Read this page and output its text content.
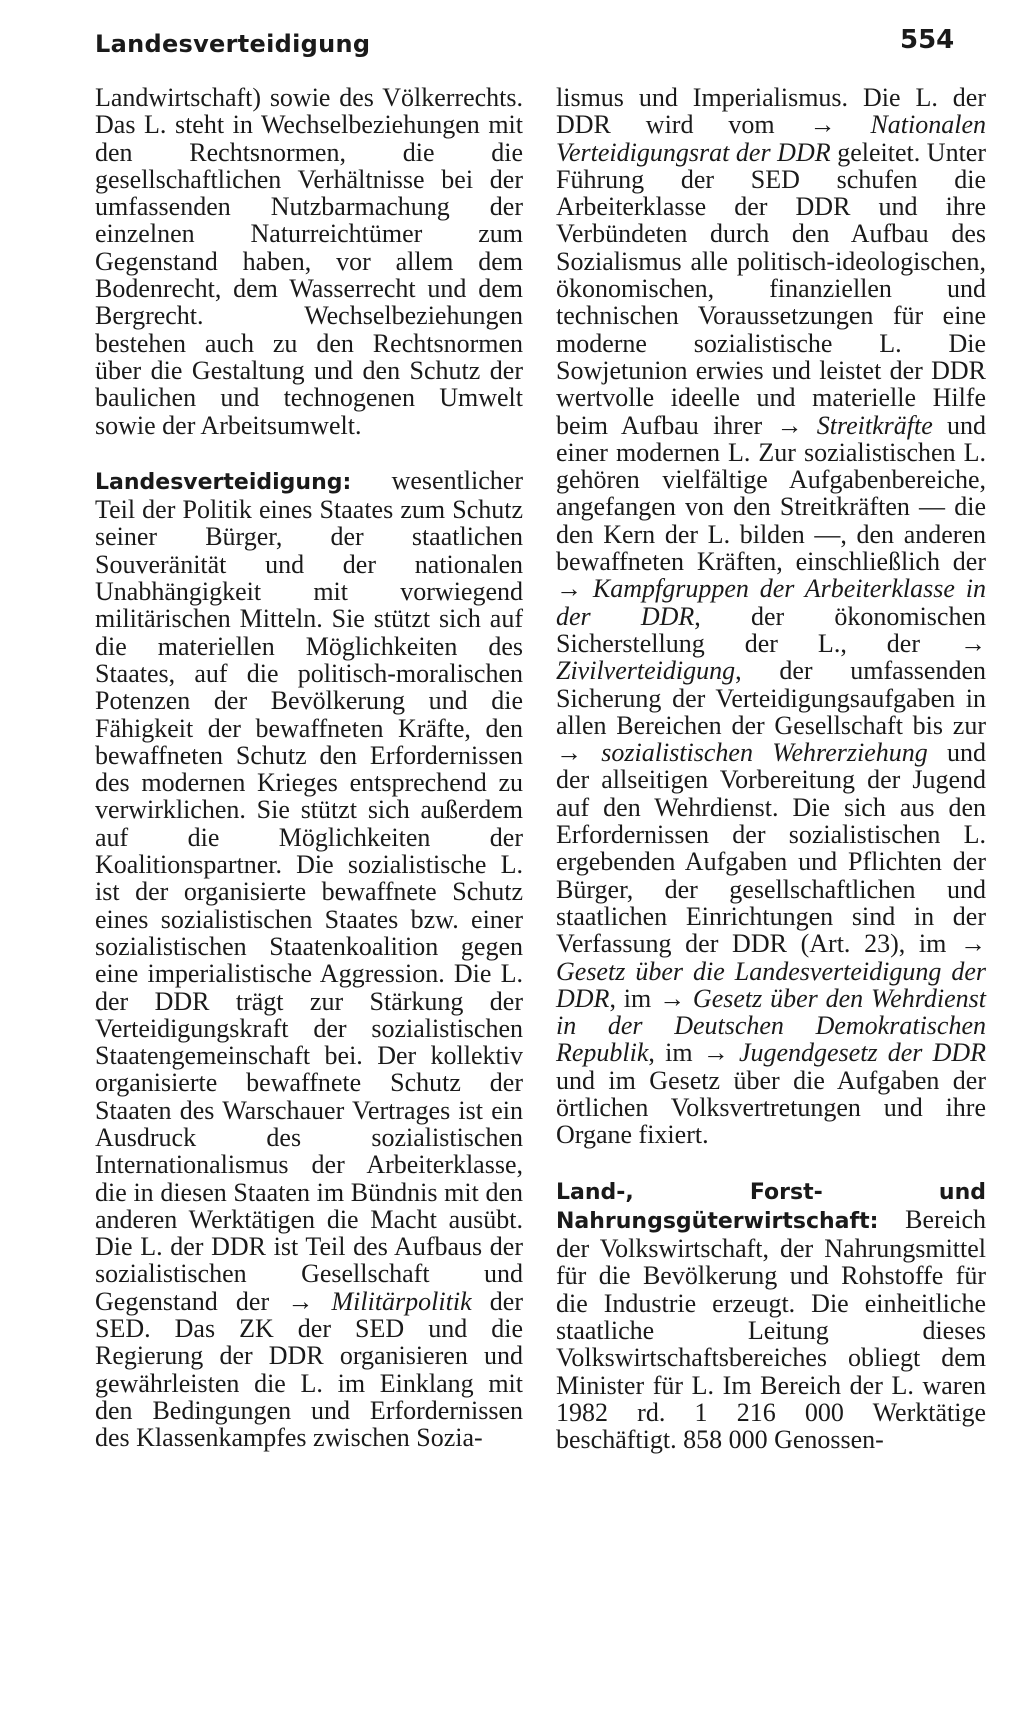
Landesverteidigung	554

Landwirtschaft) sowie des Völkerrechts. Das L. steht in Wechselbeziehungen mit den Rechtsnormen, die die gesellschaftlichen Verhältnisse bei der umfassenden Nutzbarmachung der einzelnen Naturreichtümer zum Gegenstand haben, vor allem dem Bodenrecht, dem Wasserrecht und dem Bergrecht. Wechselbeziehungen bestehen auch zu den Rechtsnormen über die Gestaltung und den Schutz der baulichen und technogenen Umwelt sowie der Arbeitsumwelt.

Landesverteidigung: wesentlicher Teil der Politik eines Staates zum Schutz seiner Bürger, der staatlichen Souveränität und der nationalen Unabhängigkeit mit vorwiegend militärischen Mitteln. Sie stützt sich auf die materiellen Möglichkeiten des Staates, auf die politisch-moralischen Potenzen der Bevölkerung und die Fähigkeit der bewaffneten Kräfte, den bewaffneten Schutz den Erfordernissen des modernen Krieges entsprechend zu verwirklichen. Sie stützt sich außerdem auf die Möglichkeiten der Koalitionspartner. Die sozialistische L. ist der organisierte bewaffnete Schutz eines sozialistischen Staates bzw. einer sozialistischen Staatenkoalition gegen eine imperialistische Aggression. Die L. der DDR trägt zur Stärkung der Verteidigungskraft der sozialistischen Staatengemeinschaft bei. Der kollektiv organisierte bewaffnete Schutz der Staaten des Warschauer Vertrages ist ein Ausdruck des sozialistischen Internationalismus der Arbeiterklasse, die in diesen Staaten im Bündnis mit den anderen Werktätigen die Macht ausübt. Die L. der DDR ist Teil des Aufbaus der sozialistischen Gesellschaft und Gegenstand der → Militärpolitik der SED. Das ZK der SED und die Regierung der DDR organisieren und gewährleisten die L. im Einklang mit den Bedingungen und Erfordernissen des Klassenkampfes zwischen Sozia-

lismus und Imperialismus. Die L. der DDR wird vom → Nationalen Verteidigungsrat der DDR geleitet. Unter Führung der SED schufen die Arbeiterklasse der DDR und ihre Verbündeten durch den Aufbau des Sozialismus alle politisch-ideologischen, ökonomischen, finanziellen und technischen Voraussetzungen für eine moderne sozialistische L. Die Sowjetunion erwies und leistet der DDR wertvolle ideelle und materielle Hilfe beim Aufbau ihrer → Streitkräfte und einer modernen L. Zur sozialistischen L. gehören vielfältige Aufgabenbereiche, angefangen von den Streitkräften — die den Kern der L. bilden —, den anderen bewaffneten Kräften, einschließlich der → Kampfgruppen der Arbeiterklasse in der DDR, der ökonomischen Sicherstellung der L., der → Zivilverteidigung, der umfassenden Sicherung der Verteidigungsaufgaben in allen Bereichen der Gesellschaft bis zur → sozialistischen Wehrerziehung und der allseitigen Vorbereitung der Jugend auf den Wehrdienst. Die sich aus den Erfordernissen der sozialistischen L. ergebenden Aufgaben und Pflichten der Bürger, der gesellschaftlichen und staatlichen Einrichtungen sind in der Verfassung der DDR (Art. 23), im → Gesetz über die Landesverteidigung der DDR, im → Gesetz über den Wehrdienst in der Deutschen Demokratischen Republik, im → Jugendgesetz der DDR und im Gesetz über die Aufgaben der örtlichen Volksvertretungen und ihre Organe fixiert.

Land-, Forst- und Nahrungsgüterwirtschaft: Bereich der Volkswirtschaft, der Nahrungsmittel für die Bevölkerung und Rohstoffe für die Industrie erzeugt. Die einheitliche staatliche Leitung dieses Volkswirtschaftsbereiches obliegt dem Minister für L. Im Bereich der L. waren 1982 rd. 1 216 000 Werktätige beschäftigt. 858 000 Genossen-
